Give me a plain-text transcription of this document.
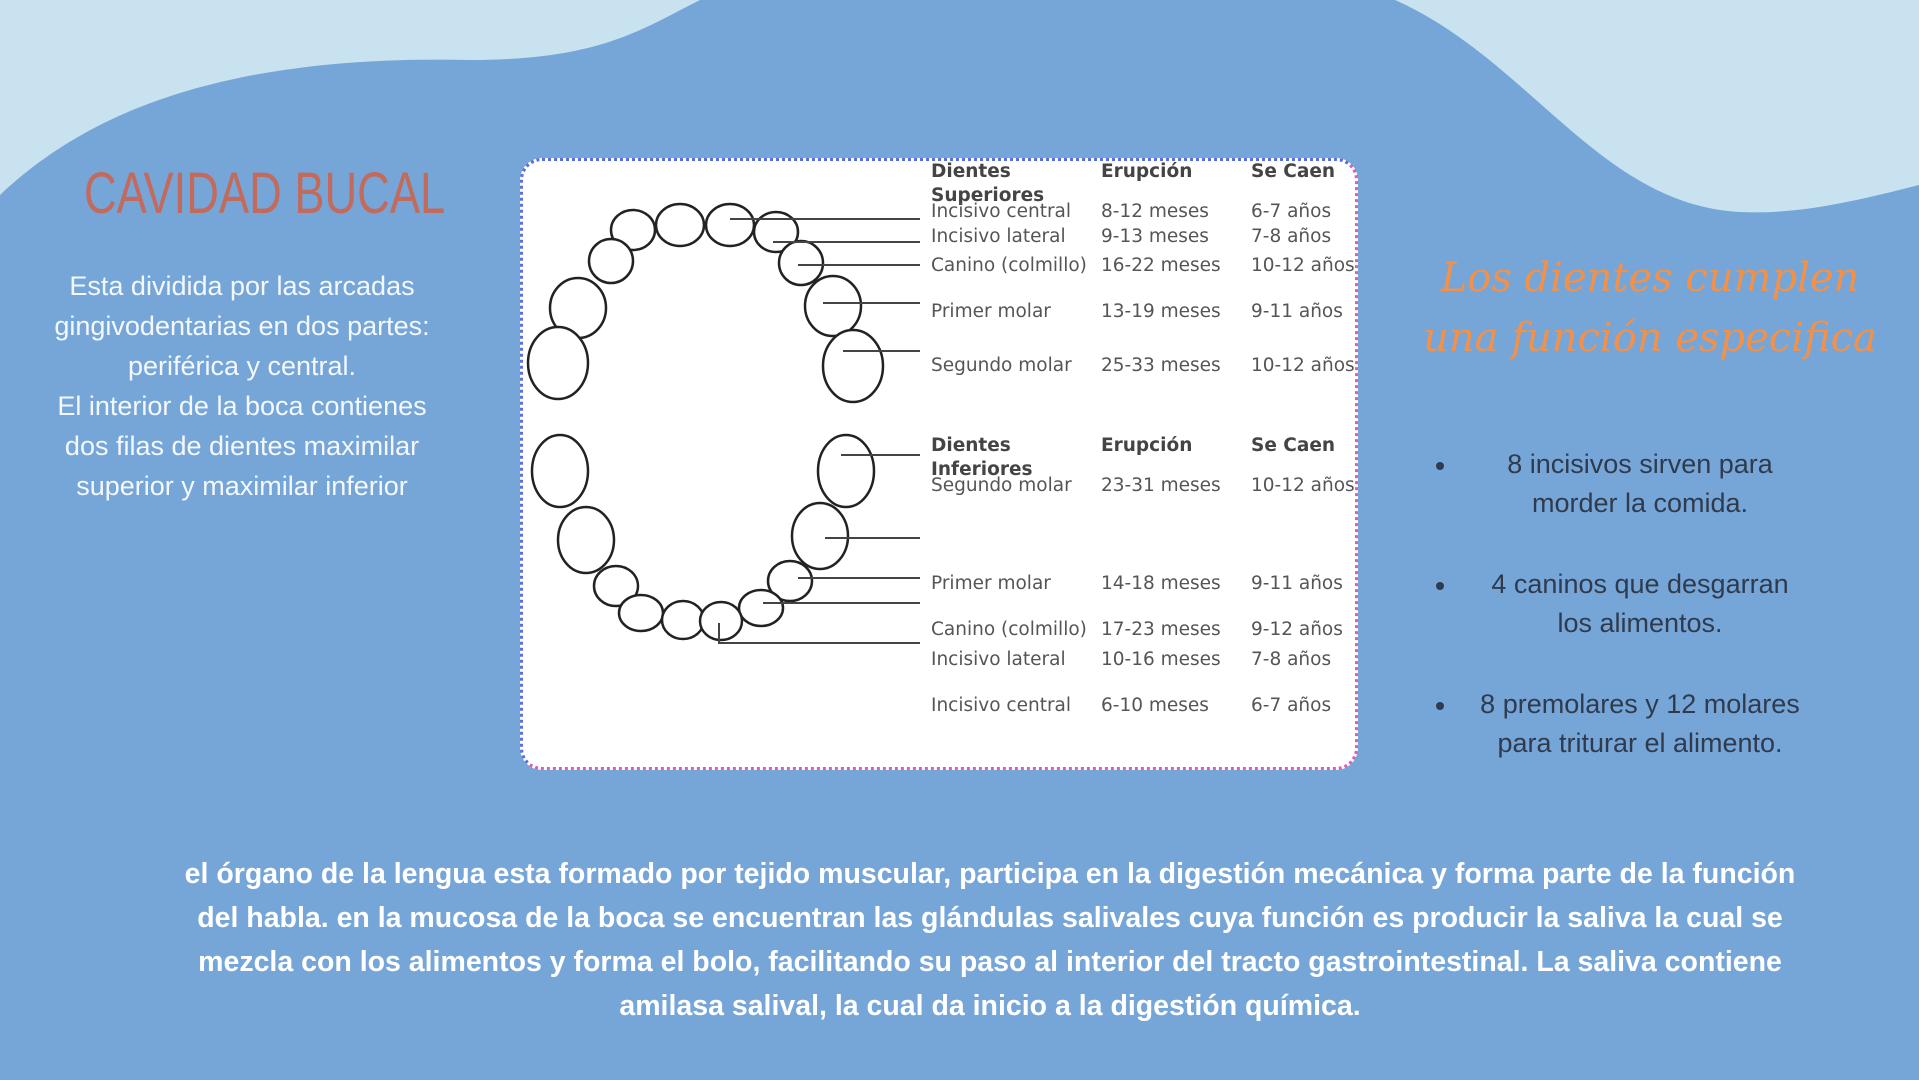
CAVIDAD BUCAL
Esta dividida por las arcadas
gingivodentarias en dos partes:
periférica y central.
El interior de la boca contienes
dos filas de dientes maximilar
superior y maximilar inferior
Dientes
Superiores
Erupción	Se Caen
Incisivo central 8-12 meses 6-7 años
Incisivo lateral 9-13 meses 7-8 años
Canino (colmillo) 16-22 meses 10-12 años
Primer molar	13-19 meses 9-11 años
Segundo molar 25-33 meses 10-12 años
Dientes
Inferiores
Erupción	Se Caen
Segundo molar 23-31 meses 10-12 años
Primer molar	14-18 meses 9-11 años
Canino (colmillo) 17-23 meses 9-12 años
Incisivo lateral 10-16 meses 7-8 años
Incisivo central 6-10 meses 6-7 años
Los dientes cumplen una función especifica
8 incisivos sirven para
morder la comida.
4 caninos que desgarran
los alimentos.
8 premolares y 12 molares
para triturar el alimento.
el órgano de la lengua esta formado por tejido muscular, participa en la digestión mecánica y forma parte de la función
del habla. en la mucosa de la boca se encuentran las glándulas salivales cuya función es producir la saliva la cual se
mezcla con los alimentos y forma el bolo, facilitando su paso al interior del tracto gastrointestinal. La saliva contiene
amilasa salival, la cual da inicio a la digestión química.
